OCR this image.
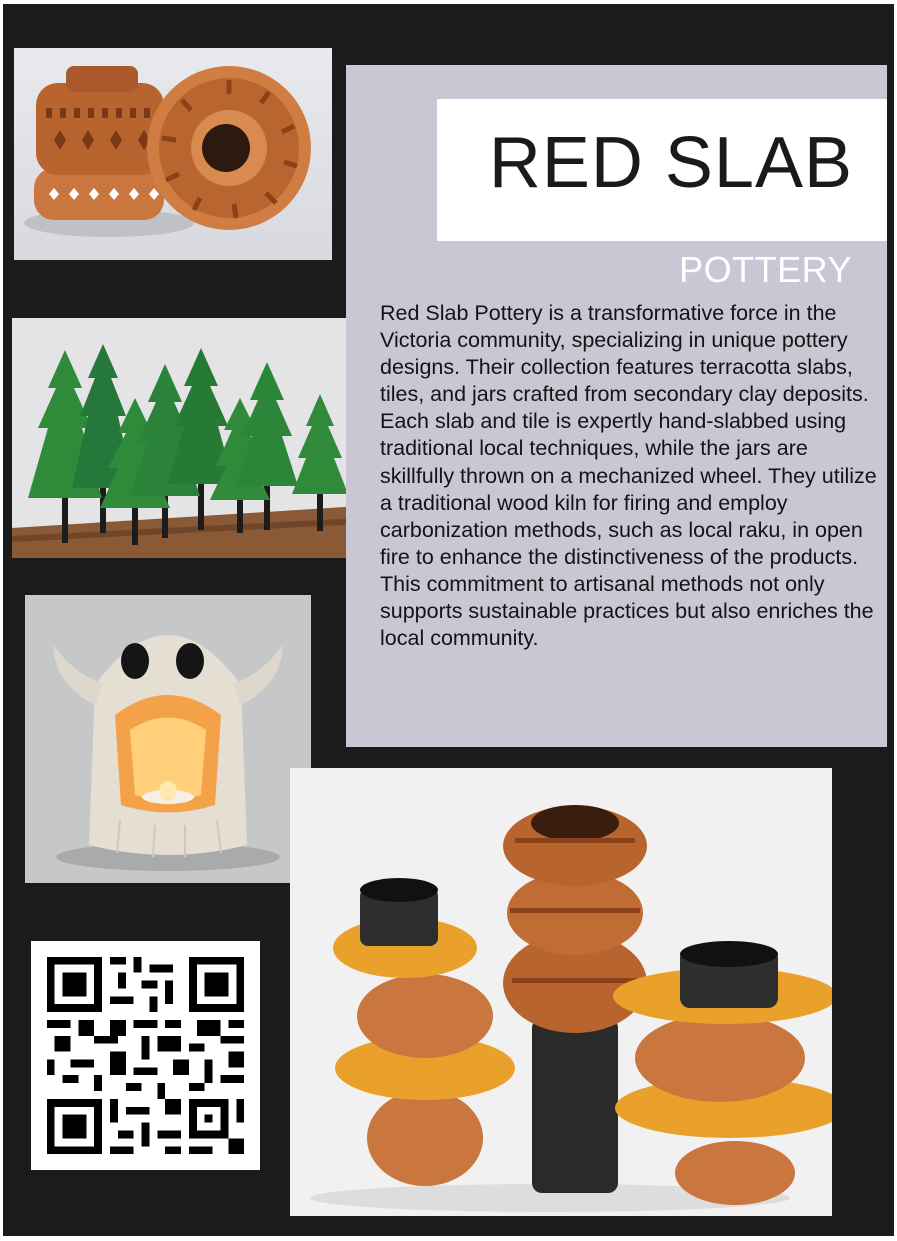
RED SLAB
POTTERY

Red Slab Pottery is a transformative force in the Victoria community, specializing in unique pottery designs. Their collection features terracotta slabs, tiles, and jars crafted from secondary clay deposits. Each slab and tile is expertly hand-slabbed using traditional local techniques, while the jars are skillfully thrown on a mechanized wheel. They utilize a traditional wood kiln for firing and employ carbonization methods, such as local raku, in open fire to enhance the distinctiveness of the products. This commitment to artisanal methods not only supports sustainable practices but also enriches the local community.
